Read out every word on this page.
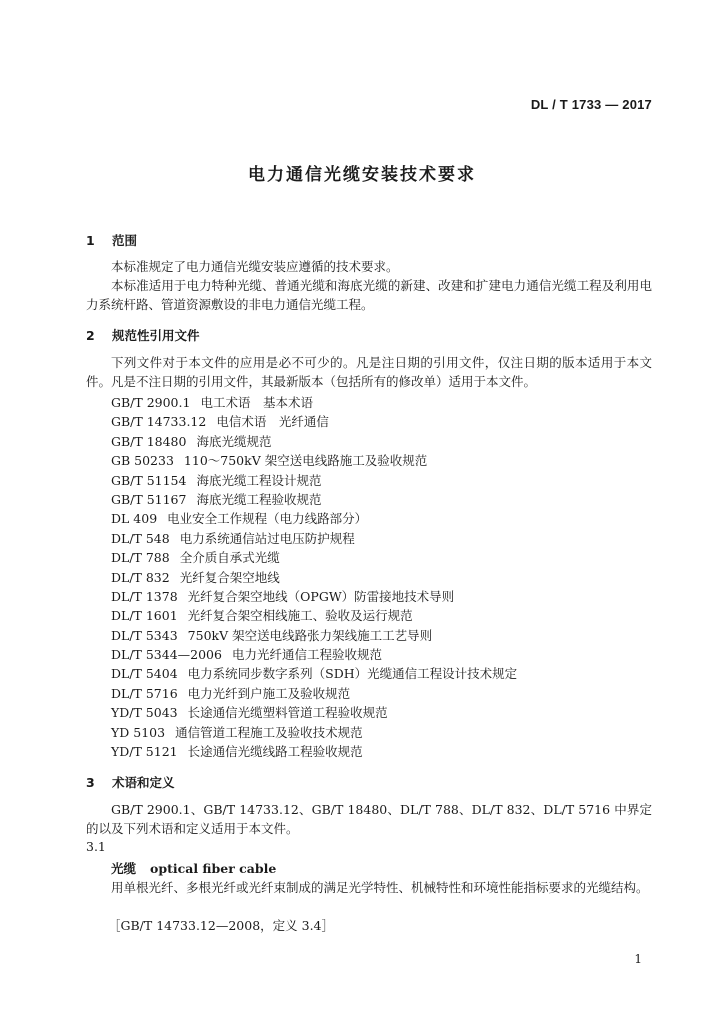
DL / T 1733 — 2017
电力通信光缆安装技术要求
1 范围

本标准规定了电力通信光缆安装应遵循的技术要求。

本标准适用于电力特种光缆、普通光缆和海底光缆的新建、改建和扩建电力通信光缆工程及利用电力系统杆路、管道资源敷设的非电力通信光缆工程。

2 规范性引用文件

下列文件对于本文件的应用是必不可少的。凡是注日期的引用文件，仅注日期的版本适用于本文件。凡是不注日期的引用文件，其最新版本（包括所有的修改单）适用于本文件。

GB/T 2900.1 电工术语　基本术语
GB/T 14733.12 电信术语　光纤通信
GB/T 18480 海底光缆规范
GB 50233 110～750kV 架空送电线路施工及验收规范
GB/T 51154 海底光缆工程设计规范
GB/T 51167 海底光缆工程验收规范
DL 409 电业安全工作规程（电力线路部分）
DL/T 548 电力系统通信站过电压防护规程
DL/T 788 全介质自承式光缆
DL/T 832 光纤复合架空地线
DL/T 1378 光纤复合架空地线（OPGW）防雷接地技术导则
DL/T 1601 光纤复合架空相线施工、验收及运行规范
DL/T 5343 750kV 架空送电线路张力架线施工工艺导则
DL/T 5344—2006 电力光纤通信工程验收规范
DL/T 5404 电力系统同步数字系列（SDH）光缆通信工程设计技术规定
DL/T 5716 电力光纤到户施工及验收规范
YD/T 5043 长途通信光缆塑料管道工程验收规范
YD 5103 通信管道工程施工及验收技术规范
YD/T 5121 长途通信光缆线路工程验收规范
3 术语和定义

GB/T 2900.1、GB/T 14733.12、GB/T 18480、DL/T 788、DL/T 832、DL/T 5716 中界定的以及下列术语和定义适用于本文件。

3.1
光缆 optical fiber cable

用单根光纤、多根光纤或光纤束制成的满足光学特性、机械特性和环境性能指标要求的光缆结构。

［GB/T 14733.12—2008，定义 3.4］
1
